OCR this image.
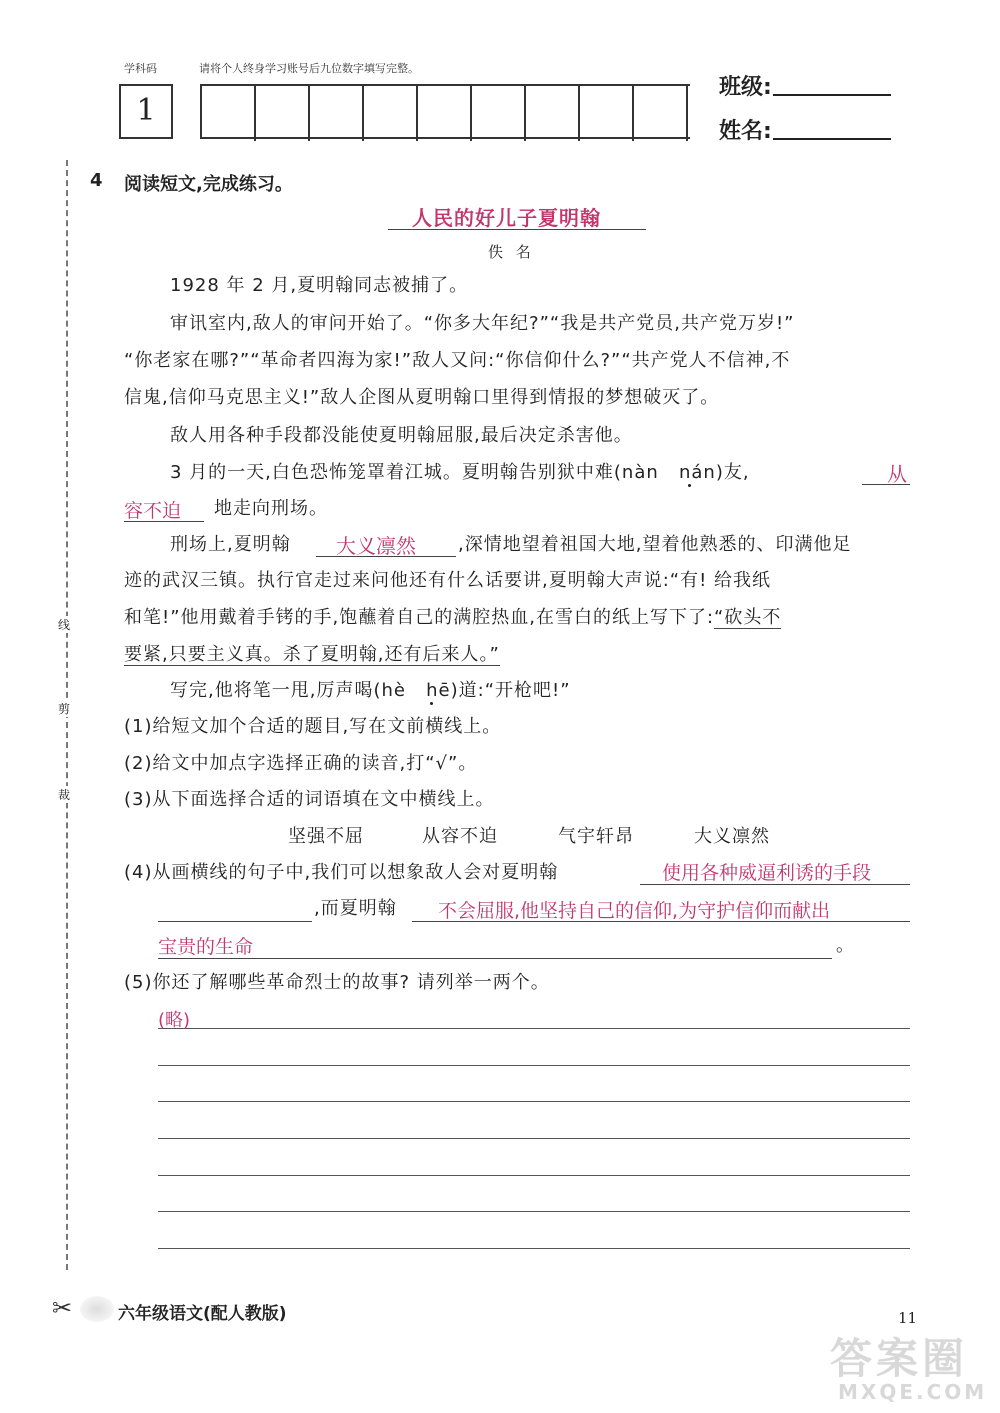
学科码	请将个人终身学习账号后九位数字填写完整。
1
班级:
姓名:
线
剪
裁
✂
4 阅读短文,完成练习。
人民的好儿子夏明翰
佚 名
1928 年 2 月,夏明翰同志被捕了。
审讯室内,敌人的审问开始了。“你多大年纪?”“我是共产党员,共产党万岁!”
“你老家在哪?”“革命者四海为家!”敌人又问:“你信仰什么?”“共产党人不信神,不
信鬼,信仰马克思主义!”敌人企图从夏明翰口里得到情报的梦想破灭了。
敌人用各种手段都没能使夏明翰屈服,最后决定杀害他。
3 月的一天,白色恐怖笼罩着江城。夏明翰告别狱中难(nàn nán)友,	从
容不迫 地走向刑场。
刑场上,夏明翰 大义凛然 ,深情地望着祖国大地,望着他熟悉的、印满他足
迹的武汉三镇。执行官走过来问他还有什么话要讲,夏明翰大声说:“有! 给我纸
和笔!”他用戴着手铐的手,饱蘸着自己的满腔热血,在雪白的纸上写下了:“砍头不
要紧,只要主义真。杀了夏明翰,还有后来人。”
写完,他将笔一甩,厉声喝(hè hē)道:“开枪吧!”
(1)给短文加个合适的题目,写在文前横线上。
(2)给文中加点字选择正确的读音,打“√”。
(3)从下面选择合适的词语填在文中横线上。
坚强不屈	从容不迫	气宇轩昂	大义凛然
(4)从画横线的句子中,我们可以想象敌人会对夏明翰	使用各种威逼利诱的手段
,而夏明翰 不会屈服,他坚持自己的信仰,为守护信仰而献出
宝贵的生命	。
(5)你还了解哪些革命烈士的故事? 请列举一两个。
(略)
六年级语文(配人教版)	11
答案圈
MXQE.COM
